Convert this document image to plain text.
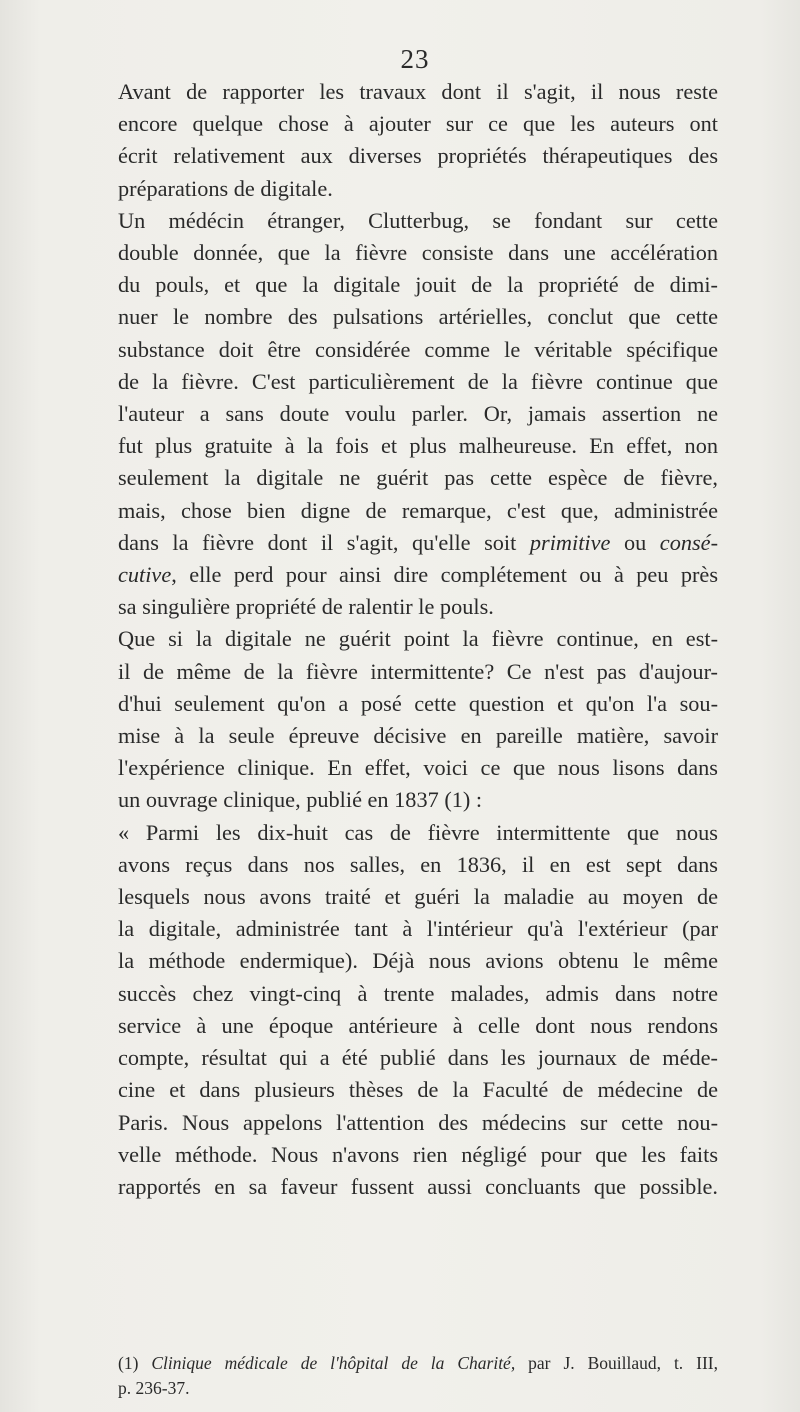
23

Avant de rapporter les travaux dont il s'agit, il nous reste
encore quelque chose à ajouter sur ce que les auteurs ont
écrit relativement aux diverses propriétés thérapeutiques des
préparations de digitale.

Un médécin étranger, Clutterbug, se fondant sur cette
double donnée, que la fièvre consiste dans une accélération
du pouls, et que la digitale jouit de la propriété de dimi-
nuer le nombre des pulsations artérielles, conclut que cette
substance doit être considérée comme le véritable spécifique
de la fièvre. C'est particulièrement de la fièvre continue que
l'auteur a sans doute voulu parler. Or, jamais assertion ne
fut plus gratuite à la fois et plus malheureuse. En effet, non
seulement la digitale ne guérit pas cette espèce de fièvre,
mais, chose bien digne de remarque, c'est que, administrée
dans la fièvre dont il s'agit, qu'elle soit primitive ou consé-
cutive, elle perd pour ainsi dire complétement ou à peu près
sa singulière propriété de ralentir le pouls.

Que si la digitale ne guérit point la fièvre continue, en est-
il de même de la fièvre intermittente? Ce n'est pas d'aujour-
d'hui seulement qu'on a posé cette question et qu'on l'a sou-
mise à la seule épreuve décisive en pareille matière, savoir
l'expérience clinique. En effet, voici ce que nous lisons dans
un ouvrage clinique, publié en 1837 (1) :

« Parmi les dix-huit cas de fièvre intermittente que nous
avons reçus dans nos salles, en 1836, il en est sept dans
lesquels nous avons traité et guéri la maladie au moyen de
la digitale, administrée tant à l'intérieur qu'à l'extérieur (par
la méthode endermique). Déjà nous avions obtenu le même
succès chez vingt-cinq à trente malades, admis dans notre
service à une époque antérieure à celle dont nous rendons
compte, résultat qui a été publié dans les journaux de méde-
cine et dans plusieurs thèses de la Faculté de médecine de
Paris. Nous appelons l'attention des médecins sur cette nou-
velle méthode. Nous n'avons rien négligé pour que les faits
rapportés en sa faveur fussent aussi concluants que possible.

(1) Clinique médicale de l'hôpital de la Charité, par J. Bouillaud, t. III,
p. 236-37.
